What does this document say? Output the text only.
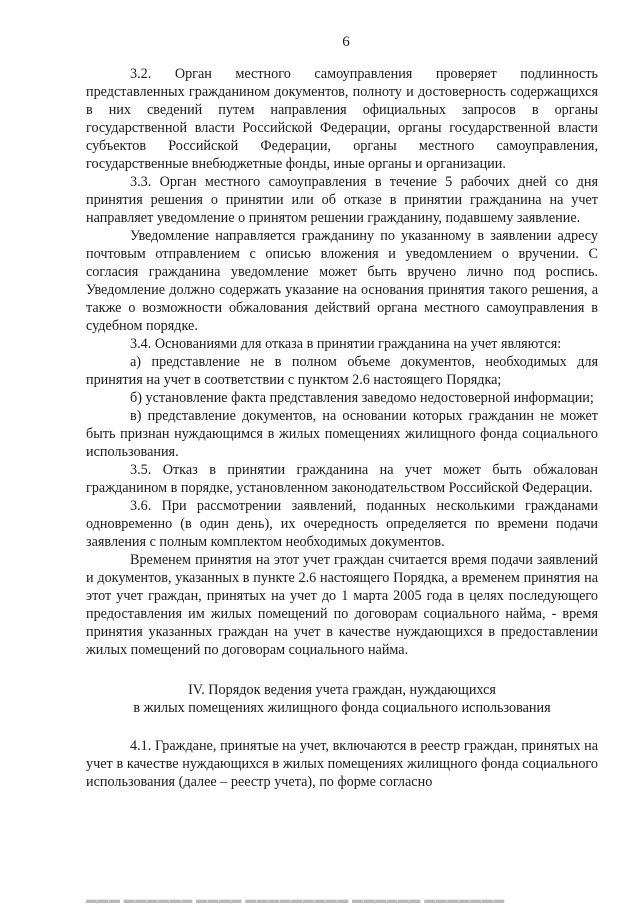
6

3.2. Орган местного самоуправления проверяет подлинность представленных гражданином документов, полноту и достоверность содержащихся в них сведений путем направления официальных запросов в органы государственной власти Российской Федерации, органы государственной власти субъектов Российской Федерации, органы местного самоуправления, государственные внебюджетные фонды, иные органы и организации.

3.3. Орган местного самоуправления в течение 5 рабочих дней со дня принятия решения о принятии или об отказе в принятии гражданина на учет направляет уведомление о принятом решении гражданину, подавшему заявление.

Уведомление направляется гражданину по указанному в заявлении адресу почтовым отправлением с описью вложения и уведомлением о вручении. С согласия гражданина уведомление может быть вручено лично под роспись. Уведомление должно содержать указание на основания принятия такого решения, а также о возможности обжалования действий органа местного самоуправления в судебном порядке.

3.4. Основаниями для отказа в принятии гражданина на учет являются:

а) представление не в полном объеме документов, необходимых для принятия на учет в соответствии с пунктом 2.6 настоящего Порядка;

б) установление факта представления заведомо недостоверной информации;

в) представление документов, на основании которых гражданин не может быть признан нуждающимся в жилых помещениях жилищного фонда социального использования.

3.5. Отказ в принятии гражданина на учет может быть обжалован гражданином в порядке, установленном законодательством Российской Федерации.

3.6. При рассмотрении заявлений, поданных несколькими гражданами одновременно (в один день), их очередность определяется по времени подачи заявления с полным комплектом необходимых документов.

Временем принятия на этот учет граждан считается время подачи заявлений и документов, указанных в пункте 2.6 настоящего Порядка, а временем принятия на этот учет граждан, принятых на учет до 1 марта 2005 года в целях последующего предоставления им жилых помещений по договорам социального найма, - время принятия указанных граждан на учет в качестве нуждающихся в предоставлении жилых помещений по договорам социального найма.

IV. Порядок ведения учета граждан, нуждающихся
в жилых помещениях жилищного фонда социального использования

4.1. Граждане, принятые на учет, включаются в реестр граждан, принятых на учет в качестве нуждающихся в жилых помещениях жилищного фонда социального использования (далее – реестр учета), по форме согласно

▬▬▬ ▬▬▬▬▬▬ ▬▬▬▬ ▬▬▬▬▬▬▬▬▬ ▬▬▬▬▬▬ ▬▬▬▬▬▬▬
